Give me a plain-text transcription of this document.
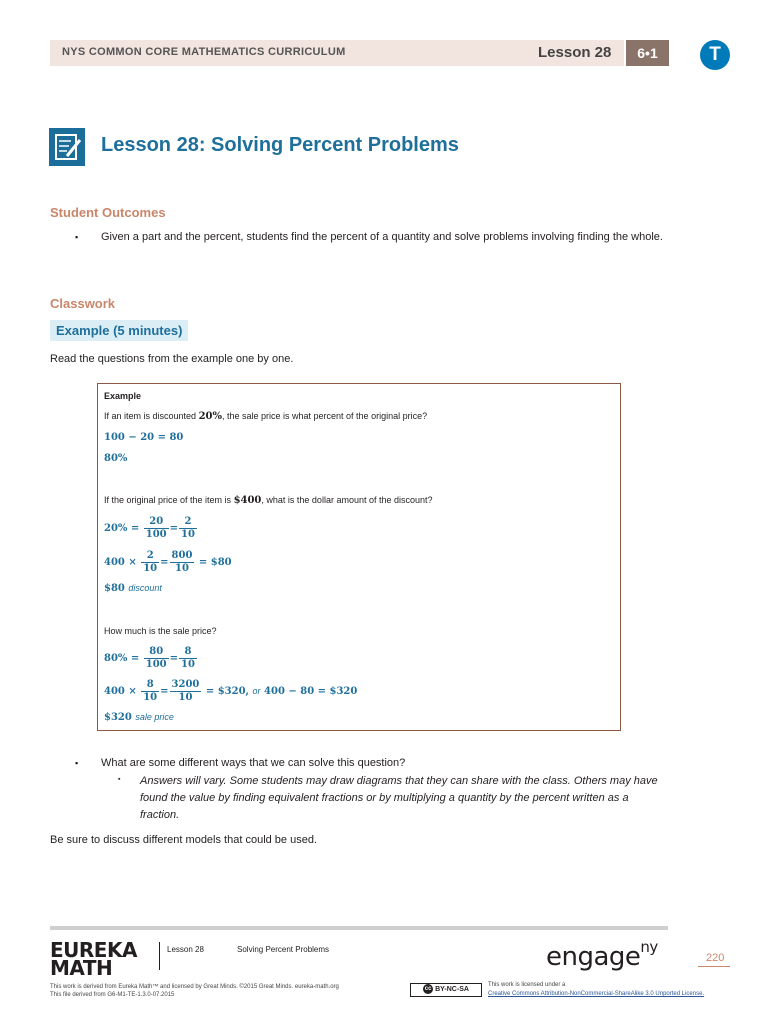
NYS COMMON CORE MATHEMATICS CURRICULUM	Lesson 28	6•1	T
Lesson 28: Solving Percent Problems
Student Outcomes
▪ Given a part and the percent, students find the percent of a quantity and solve problems involving finding the whole.
Classwork
Example (5 minutes)
Read the questions from the example one by one.
Example
If an item is discounted 20%, the sale price is what percent of the original price?
100 − 20 = 80
80%
If the original price of the item is $400, what is the dollar amount of the discount?
$20\% = \frac{20}{100} = \frac{2}{10}$
$400 \times \frac{2}{10} = \frac{800}{10}$ = $80
$80 discount
How much is the sale price?
$80\% = \frac{80}{100} = \frac{8}{10}$
$400 \times \frac{8}{10} = \frac{3200}{10}$ = $320, or 400 − 80 = $320
$320 sale price
▪ What are some different ways that we can solve this question?
▪ Answers will vary. Some students may draw diagrams that they can share with the class. Others may have found the value by finding equivalent fractions or by multiplying a quantity by the percent written as a fraction.
Be sure to discuss different models that could be used.
EUREKA
MATH
Lesson 28	Solving Percent Problems	engage$^{ny}$
220
This work is derived from Eureka Math™ and licensed by Great Minds. ©2015 Great Minds. eureka-math.org
This file derived from G6-M1-TE-1.3.0-07.2015
cc BY-NC-SA
This work is licensed under a
Creative Commons Attribution-NonCommercial-ShareAlike 3.0 Unported License.
